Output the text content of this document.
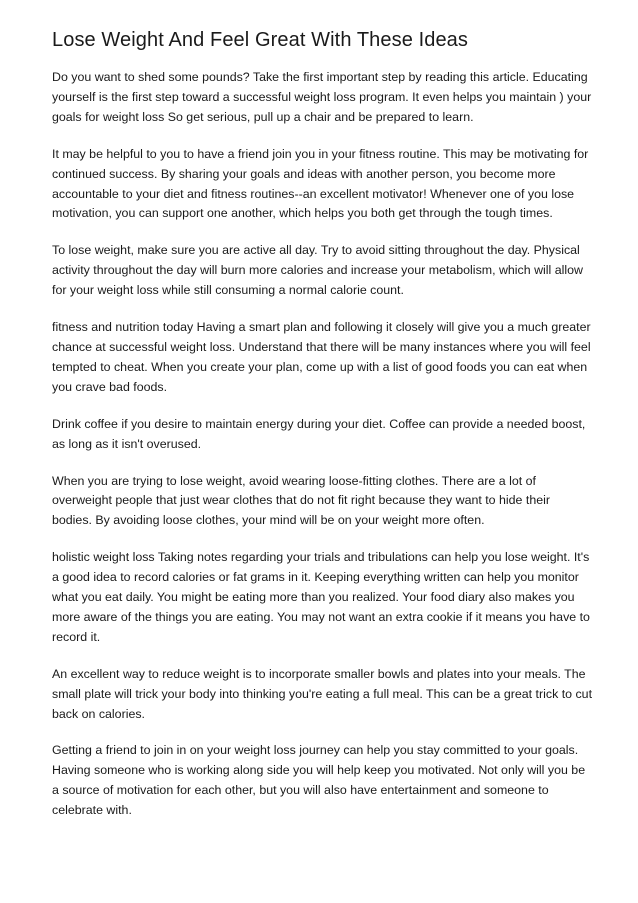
Lose Weight And Feel Great With These Ideas

Do you want to shed some pounds? Take the first important step by reading this article. Educating yourself is the first step toward a successful weight loss program. It even helps you maintain ) your goals for weight loss So get serious, pull up a chair and be prepared to learn.

It may be helpful to you to have a friend join you in your fitness routine. This may be motivating for continued success. By sharing your goals and ideas with another person, you become more accountable to your diet and fitness routines--an excellent motivator! Whenever one of you lose motivation, you can support one another, which helps you both get through the tough times.

To lose weight, make sure you are active all day. Try to avoid sitting throughout the day. Physical activity throughout the day will burn more calories and increase your metabolism, which will allow for your weight loss while still consuming a normal calorie count.

fitness and nutrition today Having a smart plan and following it closely will give you a much greater chance at successful weight loss. Understand that there will be many instances where you will feel tempted to cheat. When you create your plan, come up with a list of good foods you can eat when you crave bad foods.

Drink coffee if you desire to maintain energy during your diet. Coffee can provide a needed boost, as long as it isn't overused.

When you are trying to lose weight, avoid wearing loose-fitting clothes. There are a lot of overweight people that just wear clothes that do not fit right because they want to hide their bodies. By avoiding loose clothes, your mind will be on your weight more often.

holistic weight loss Taking notes regarding your trials and tribulations can help you lose weight. It's a good idea to record calories or fat grams in it. Keeping everything written can help you monitor what you eat daily. You might be eating more than you realized. Your food diary also makes you more aware of the things you are eating. You may not want an extra cookie if it means you have to record it.

An excellent way to reduce weight is to incorporate smaller bowls and plates into your meals. The small plate will trick your body into thinking you're eating a full meal. This can be a great trick to cut back on calories.

Getting a friend to join in on your weight loss journey can help you stay committed to your goals. Having someone who is working along side you will help keep you motivated. Not only will you be a source of motivation for each other, but you will also have entertainment and someone to celebrate with.
